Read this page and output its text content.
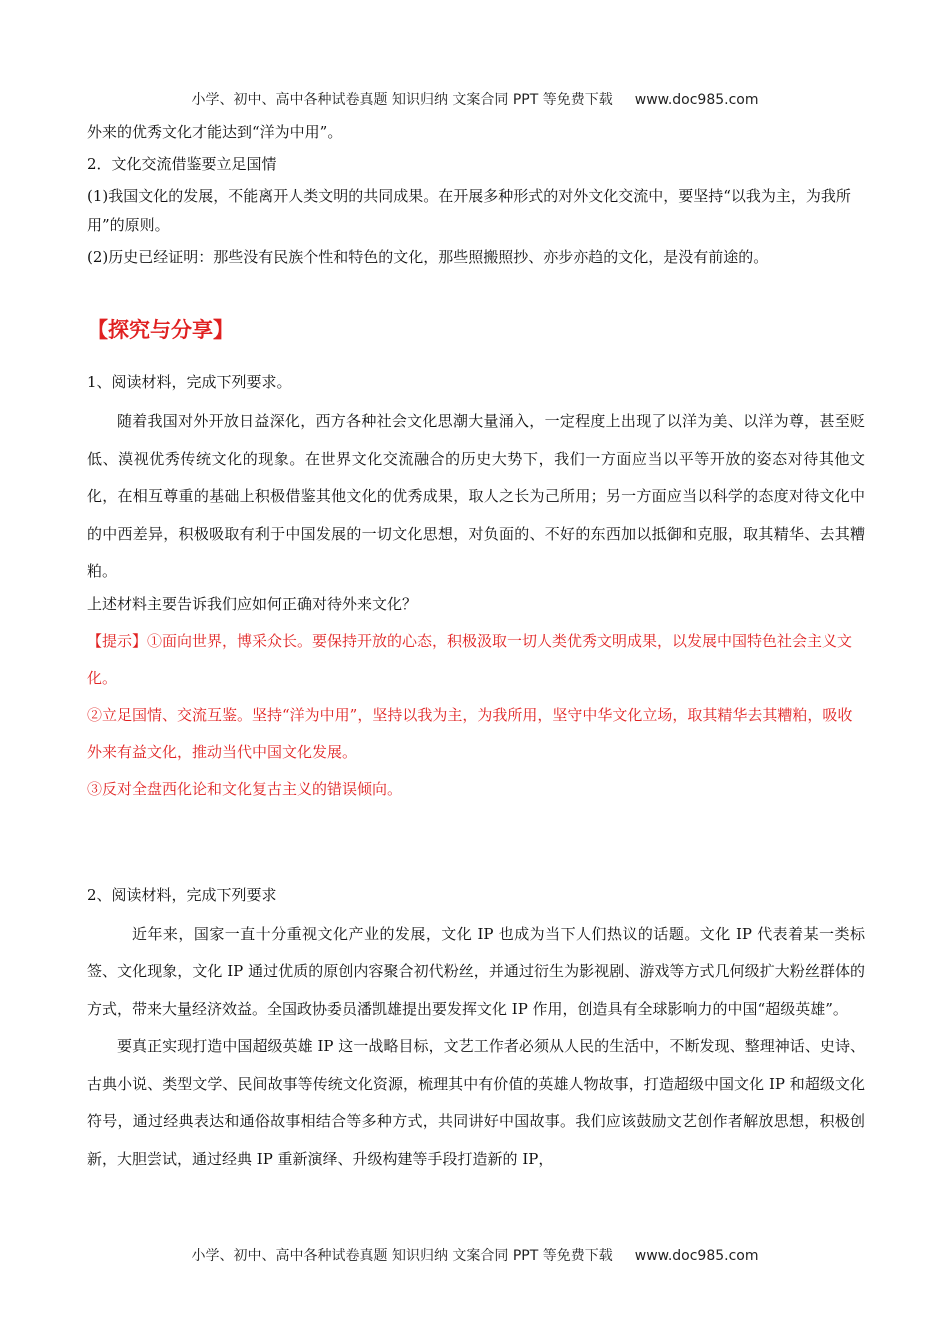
小学、初中、高中各种试卷真题 知识归纳 文案合同 PPT 等免费下载 www.doc985.com

外来的优秀文化才能达到“洋为中用”。

2．文化交流借鉴要立足国情

(1)我国文化的发展，不能离开人类文明的共同成果。在开展多种形式的对外文化交流中，要坚持“以我为主，为我所用”的原则。

(2)历史已经证明：那些没有民族个性和特色的文化，那些照搬照抄、亦步亦趋的文化，是没有前途的。

【探究与分享】

1、阅读材料，完成下列要求。

随着我国对外开放日益深化，西方各种社会文化思潮大量涌入，一定程度上出现了以洋为美、以洋为尊，甚至贬低、漠视优秀传统文化的现象。在世界文化交流融合的历史大势下，我们一方面应当以平等开放的姿态对待其他文化，在相互尊重的基础上积极借鉴其他文化的优秀成果，取人之长为己所用；另一方面应当以科学的态度对待文化中的中西差异，积极吸取有利于中国发展的一切文化思想，对负面的、不好的东西加以抵御和克服，取其精华、去其糟粕。

上述材料主要告诉我们应如何正确对待外来文化？

【提示】①面向世界，博采众长。要保持开放的心态，积极汲取一切人类优秀文明成果，以发展中国特色社会主义文化。

②立足国情、交流互鉴。坚持“洋为中用”，坚持以我为主，为我所用，坚守中华文化立场，取其精华去其糟粕，吸收外来有益文化，推动当代中国文化发展。

③反对全盘西化论和文化复古主义的错误倾向。

2、阅读材料，完成下列要求

近年来，国家一直十分重视文化产业的发展，文化 IP 也成为当下人们热议的话题。文化 IP 代表着某一类标签、文化现象，文化 IP 通过优质的原创内容聚合初代粉丝，并通过衍生为影视剧、游戏等方式几何级扩大粉丝群体的方式，带来大量经济效益。全国政协委员潘凯雄提出要发挥文化 IP 作用，创造具有全球影响力的中国“超级英雄”。

要真正实现打造中国超级英雄 IP 这一战略目标，文艺工作者必须从人民的生活中，不断发现、整理神话、史诗、古典小说、类型文学、民间故事等传统文化资源，梳理其中有价值的英雄人物故事，打造超级中国文化 IP 和超级文化符号，通过经典表达和通俗故事相结合等多种方式，共同讲好中国故事。我们应该鼓励文艺创作者解放思想，积极创新，大胆尝试，通过经典 IP 重新演绎、升级构建等手段打造新的 IP，

小学、初中、高中各种试卷真题 知识归纳 文案合同 PPT 等免费下载 www.doc985.com
